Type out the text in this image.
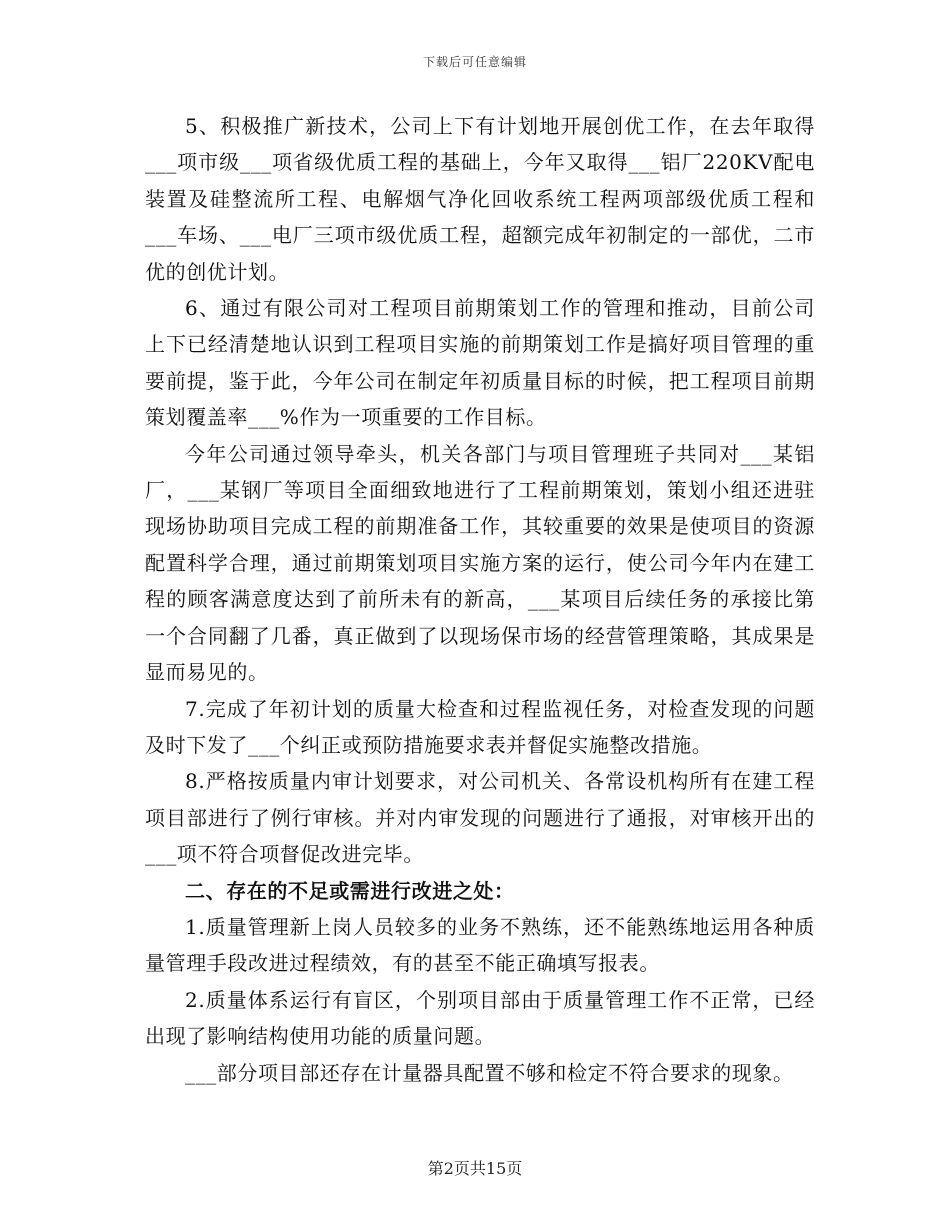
下载后可任意编辑

5、积极推广新技术，公司上下有计划地开展创优工作，在去年取得___项市级___项省级优质工程的基础上，今年又取得___铝厂220KV配电装置及硅整流所工程、电解烟气净化回收系统工程两项部级优质工程和___车场、___电厂三项市级优质工程，超额完成年初制定的一部优，二市优的创优计划。

6、通过有限公司对工程项目前期策划工作的管理和推动，目前公司上下已经清楚地认识到工程项目实施的前期策划工作是搞好项目管理的重要前提，鉴于此，今年公司在制定年初质量目标的时候，把工程项目前期策划覆盖率___%作为一项重要的工作目标。

今年公司通过领导牵头，机关各部门与项目管理班子共同对___某铝厂，___某钢厂等项目全面细致地进行了工程前期策划，策划小组还进驻现场协助项目完成工程的前期准备工作，其较重要的效果是使项目的资源配置科学合理，通过前期策划项目实施方案的运行，使公司今年内在建工程的顾客满意度达到了前所未有的新高，___某项目后续任务的承接比第一个合同翻了几番，真正做到了以现场保市场的经营管理策略，其成果是显而易见的。

7.完成了年初计划的质量大检查和过程监视任务，对检查发现的问题及时下发了___个纠正或预防措施要求表并督促实施整改措施。

8.严格按质量内审计划要求，对公司机关、各常设机构所有在建工程项目部进行了例行审核。并对内审发现的问题进行了通报，对审核开出的___项不符合项督促改进完毕。

二、存在的不足或需进行改进之处：

1.质量管理新上岗人员较多的业务不熟练，还不能熟练地运用各种质量管理手段改进过程绩效，有的甚至不能正确填写报表。

2.质量体系运行有盲区，个别项目部由于质量管理工作不正常，已经出现了影响结构使用功能的质量问题。

___部分项目部还存在计量器具配置不够和检定不符合要求的现象。

第2页共15页
